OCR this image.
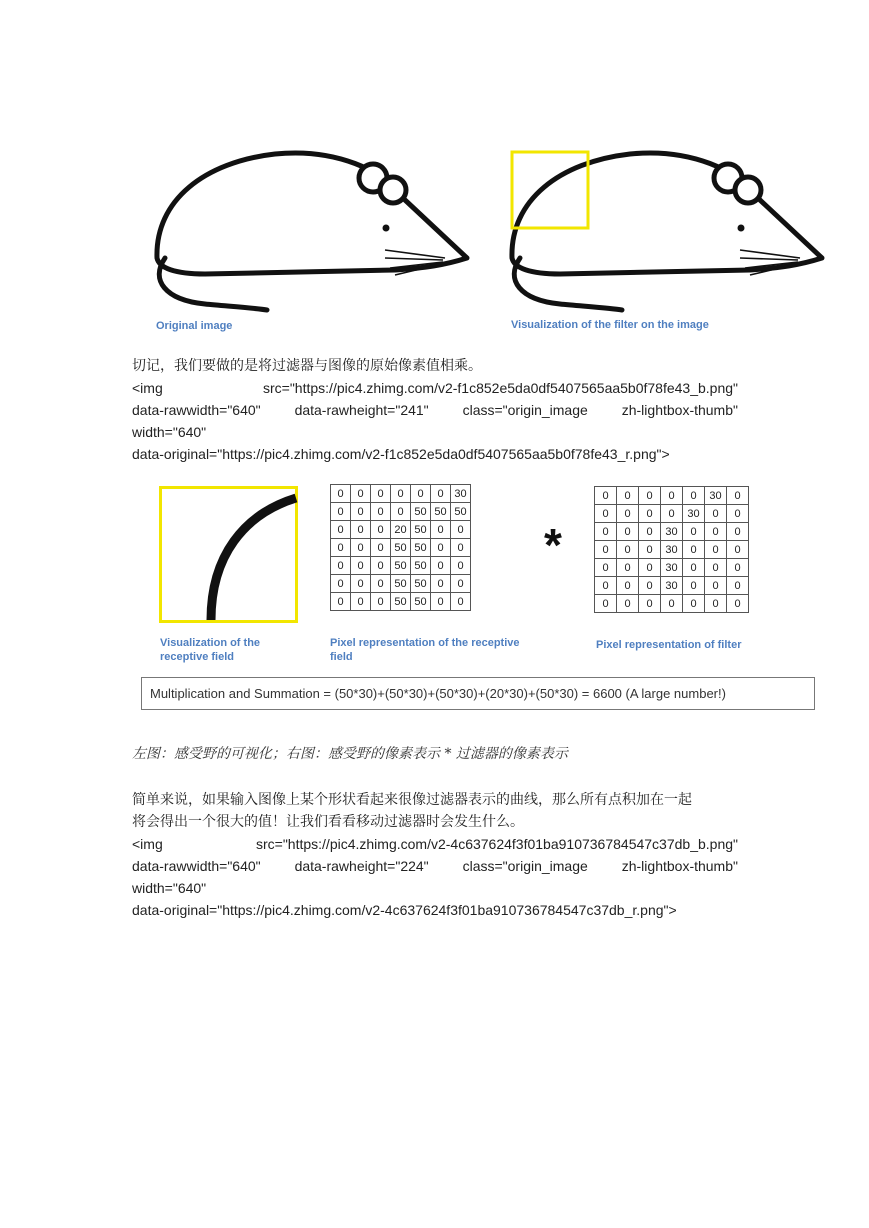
Original image	Visualization of the filter on the image
切记，我们要做的是将过滤器与图像的原始像素值相乘。
<img	src="https://pic4.zhimg.com/v2-f1c852e5da0df5407565aa5b0f78fe43_b.png"
data-rawwidth="640" data-rawheight="241" class="origin_image zh-lightbox-thumb"
width="640"
data-original="https://pic4.zhimg.com/v2-f1c852e5da0df5407565aa5b0f78fe43_r.png">
Visualization of the
receptive field
0	0	0	0	0	0	30
0	0	0	0	50	50	50
0	0	0	20	50	0	0
0	0	0	50	50	0	0
0	0	0	50	50	0	0
0	0	0	50	50	0	0
0	0	0	50	50	0	0
Pixel representation of the receptive
field
*
0	0	0	0	0	30	0
0	0	0	0	30	0	0
0	0	0	30	0	0	0
0	0	0	30	0	0	0
0	0	0	30	0	0	0
0	0	0	30	0	0	0
0	0	0	0	0	0	0
Pixel representation of filter
Multiplication and Summation = (50*30)+(50*30)+(50*30)+(20*30)+(50*30) = 6600 (A large number!)
左图：感受野的可视化；右图：感受野的像素表示 * 过滤器的像素表示
简单来说，如果输入图像上某个形状看起来很像过滤器表示的曲线，那么所有点积加在一起
将会得出一个很大的值！让我们看看移动过滤器时会发生什么。
<img	src="https://pic4.zhimg.com/v2-4c637624f3f01ba910736784547c37db_b.png"
data-rawwidth="640" data-rawheight="224" class="origin_image zh-lightbox-thumb"
width="640"
data-original="https://pic4.zhimg.com/v2-4c637624f3f01ba910736784547c37db_r.png">
